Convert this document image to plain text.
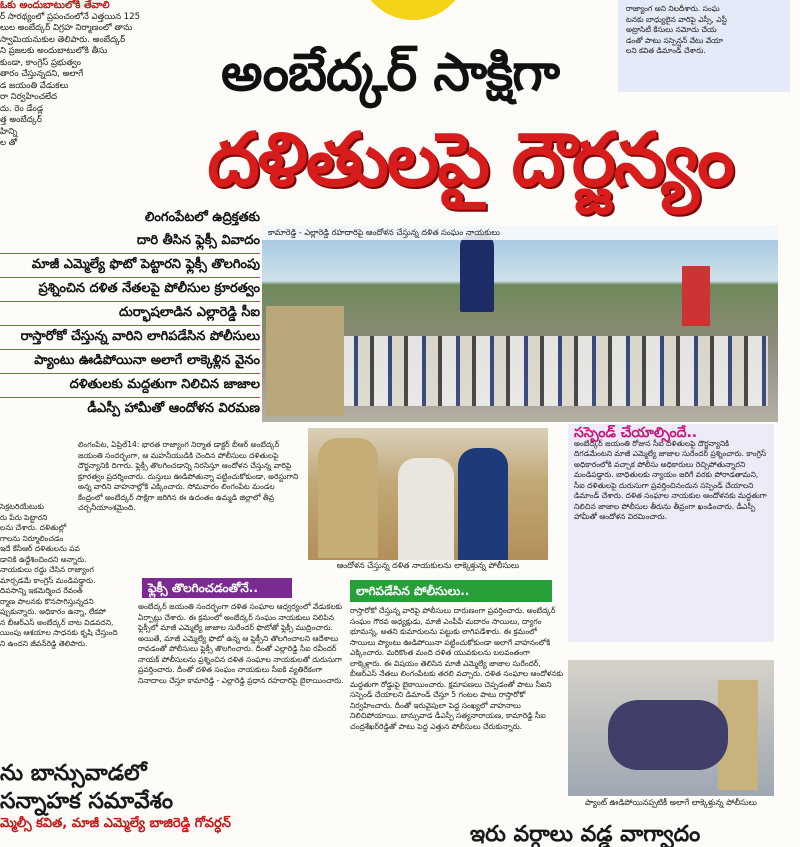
ఓకు అందుబాటులోకి తేవాలి
ర్ సారథ్యంలో ప్రపంచంలోనే ఎత్తయిన 125
లుల అంబేద్కర్ విగ్రహ నిర్మాణంలో తాను
స్వామియనుకుల తెలిపారు. అంబేద్కర్
ని ప్రజలకు అందుబాటులోకి తీసు
కుండా, కాంగ్రెస్ ప్రభుత్వం
తారం చేస్తున్నదని, అలాగే
డ జయంతి వేడుకలు
రా నిర్వహించలేద
దు. రెం డేండ్ల
త్త అంబేద్కర్
హిన్ని
ల తో
రాజ్యాంగ అని నిలదీశారు. సంఘ
టనకు బాధ్యులైన వారిపై ఎస్సీ, ఎస్టీ
అట్రాసిటీ కేసులు నమోదు చేయ
డంతో పాటు సస్పెన్షన్ వేటు వేయా
లని కవిత డిమాండ్ చేశారు.
అంబేద్కర్ సాక్షిగా
దళితులపై దౌర్జన్యం
లింగంపేటలో ఉద్రిక్తతకు
దారి తీసిన ఫ్లెక్సీ వివాదం
మాజీ ఎమ్మెల్యే ఫొటో పెట్టారని ఫ్లెక్సీ తొలగింపు
ప్రశ్నించిన దళిత నేతలపై పోలీసుల క్రూరత్వం
దుర్భాషలాడిన ఎల్లారెడ్డి సీఐ
రాస్తారోకో చేస్తున్న వారిని లాగిపడేసిన పోలీసులు
ప్యాంటు ఊడిపోయినా అలాగే లాక్కెళ్లిన వైనం
దళితులకు మద్దతుగా నిలిచిన జాజాల
డీఎస్పీ హామీతో ఆందోళన విరమణ
కామారెడ్డి - ఎల్లారెడ్డి రహదారిపై ఆందోళన చేస్తున్న దళిత సంఘం నాయకులు

లింగంపేట, ఏప్రిల్14: భారత రాజ్యాంగ నిర్మాత డాక్టర్ బీఆర్ అంబేద్కర్ జయంతి సందర్భంగా, ఆ మహనీయుడికి చెందిన పోలీసులు దళితులపై దౌర్జన్యానికి దిగారు. ఫ్లెక్సీ తొలగించడాన్ని నిరసిస్తూ ఆందోళన చేస్తున్న వారిపై క్రూరత్వం ప్రదర్శించారు. దుస్తులు ఊడిపోతున్నా పట్టించుకోకుండా, అరెస్టుగాని అన్న వారిని వాహనాల్లోకి ఎక్కించారు. సోమవారం లింగంపేట మండల కేంద్రంలో అంబేద్కర్ సాక్షిగా జరిగిన ఈ ఉదంతం ఉమ్మడి జిల్లాలో తీవ్ర చర్చనీయాంశమైంది.

ఆందోళన చేస్తున్న దళిత నాయకులను లాక్కెళ్తున్న పోలీసులు
సస్పెండ్ చేయాల్సిందే..

అంబేద్కర్ జయంతి రోజున సీఐ దళితులపై దౌర్జన్యానికి దిగడమేంటని మాజీ ఎమ్మెల్యే జాజాల సురేందర్ ప్రశ్నించారు. కాంగ్రెస్ అధికారంలోకి వచ్చాక పోలీసు అధికారులు రెచ్చిపోతున్నారని మండిపడ్డారు. బాధితులకు న్యాయం జరిగే వరకు పోరాడతామని, సీఐ దళితులపై దురుసుగా ప్రవర్తించినందున సస్పెండ్ చేయాలని డిమాండ్ చేశారు. దళిత సంఘాల నాయకుల ఆందోళనకు మద్దతుగా నిలిచిన జాజాల పోలీసుల తీరును తీవ్రంగా ఖండించారు. డీఎస్పీ హామీతో ఆందోళన విరమించారు.

సెక్రటరియేటుకు
రు పేరు పెట్టారని
లను చేశారు. దళితుల్లో
గాలను నిర్మూలించడం
ఇదే కేసీఆర్ దళితులను పవ
డానికి ఉద్దేశించిందని అన్నారు.
నాయకులు రద్దు చేసిన రాజ్యాంగ
మార్చడమే కాంగ్రెస్ మండిపడ్డారు.
దివసాన్ని ఇకమెర్మించ రేవంత్
ర్మాణ పాలనకు కొనసాగిస్తున్నదని
ప్పుకున్నారు. అధికారం ఉన్నా, లేకపో
న బీఆర్ఎస్ అంబేద్కర్ బాట విడవదని,
యింపు ఆశయాల సాధనకు కృషి చేస్తుంది
ని ఉందని జీవన్‌రెడ్డి తెలిపారు.
ఫ్లెక్సీ తొలగించడంతోనే..	లాగిపడేసిన పోలీసులు..

అంబేద్కర్ జయంతి సందర్భంగా దళిత సంఘాల ఆధ్వర్యంలో వేడుకలకు ఏర్పాట్లు చేశారు. ఈ క్రమంలో అంబేద్కర్ సంఘం నాయకులు నిలిపిన ఫ్లెక్సీలో మాజీ ఎమ్మెల్యే జాజాల సురేందర్ ఫొటోతో ఫ్లెక్సీ ముద్రించారు. అయితే, మాజీ ఎమ్మెల్యే ఫొటో ఉన్న ఆ ఫ్లెక్సీని తొలగించాలని ఆదేశాలు రావడంతో పోలీసులు ఫ్లెక్సీ తొలగించారు. దీంతో ఎల్లారెడ్డి సీఐ రవీందర్ నాయక్ పోలీసులను ప్రశ్నించిన దళిత సంఘాల నాయకులతో దురుసుగా ప్రవర్తించారు. దీంతో దళిత సంఘం నాయకులు సీఐకి వ్యతిరేకంగా నినాదాలు చేస్తూ కామారెడ్డి - ఎల్లారెడ్డి ప్రధాన రహదారిపై బైఠాయించారు.

రాస్తారోకో చేస్తున్న వారిపై పోలీసులు దారుణంగా ప్రవర్తించారు. అంబేద్కర్ సంఘం గౌరవ అధ్యక్షుడు, మాజీ ఎంపీపీ మదారం సాయిలు, ద్యాగం భూమన్న, అతని కుమారులను పట్టుకు లాగిపడేశారు. ఈ క్రమంలో సాయిలు ప్యాంటు ఊడిపోయినా పట్టించుకోకుండా అలాగే వాహనంలోకి ఎక్కించారు. మరికొంత మంది దళిత యువకులను బలవంతంగా లాక్కెళ్లారు. ఈ విషయం తెలిసిన మాజీ ఎమ్మెల్యే జాజాల సురేందర్, బీఆర్ఎస్ నేతలు లింగంపేటకు తరలి వచ్చారు. దళిత సంఘాల ఆందోళనకు మద్దతుగా రోడ్డుపై బైఠాయించారు. క్షమాపణలు చెప్పడంతో పాటు సీఐని సస్పెండ్ చేయాలని డిమాండ్ చేస్తూ 5 గంటల పాటు రాస్తారోకో నిర్వహించారు. దీంతో ఇరువైపులా పెద్ద సంఖ్యలో వాహనాలు నిలిచిపోయాయి. బాన్సువాడ డీఎస్పీ సత్యనారాయణ, కామారెడ్డి సీఐ చంద్రశేఖర్‌రెడ్డితో పాటు పెద్ద ఎత్తున పోలీసులు చేరుకున్నారు.

ప్యాంట్ ఊడిపోయినప్పటికీ అలాగే లాక్కెళ్తున్న పోలీసులు
ను బాన్సువాడలో
సన్నాహక సమావేశం
మ్మెల్సీ కవిత, మాజీ ఎమ్మెల్యే బాజిరెడ్డి గోవర్ధన్	ఇరు వర్గాలు వడ్డ వాగ్వాదం
